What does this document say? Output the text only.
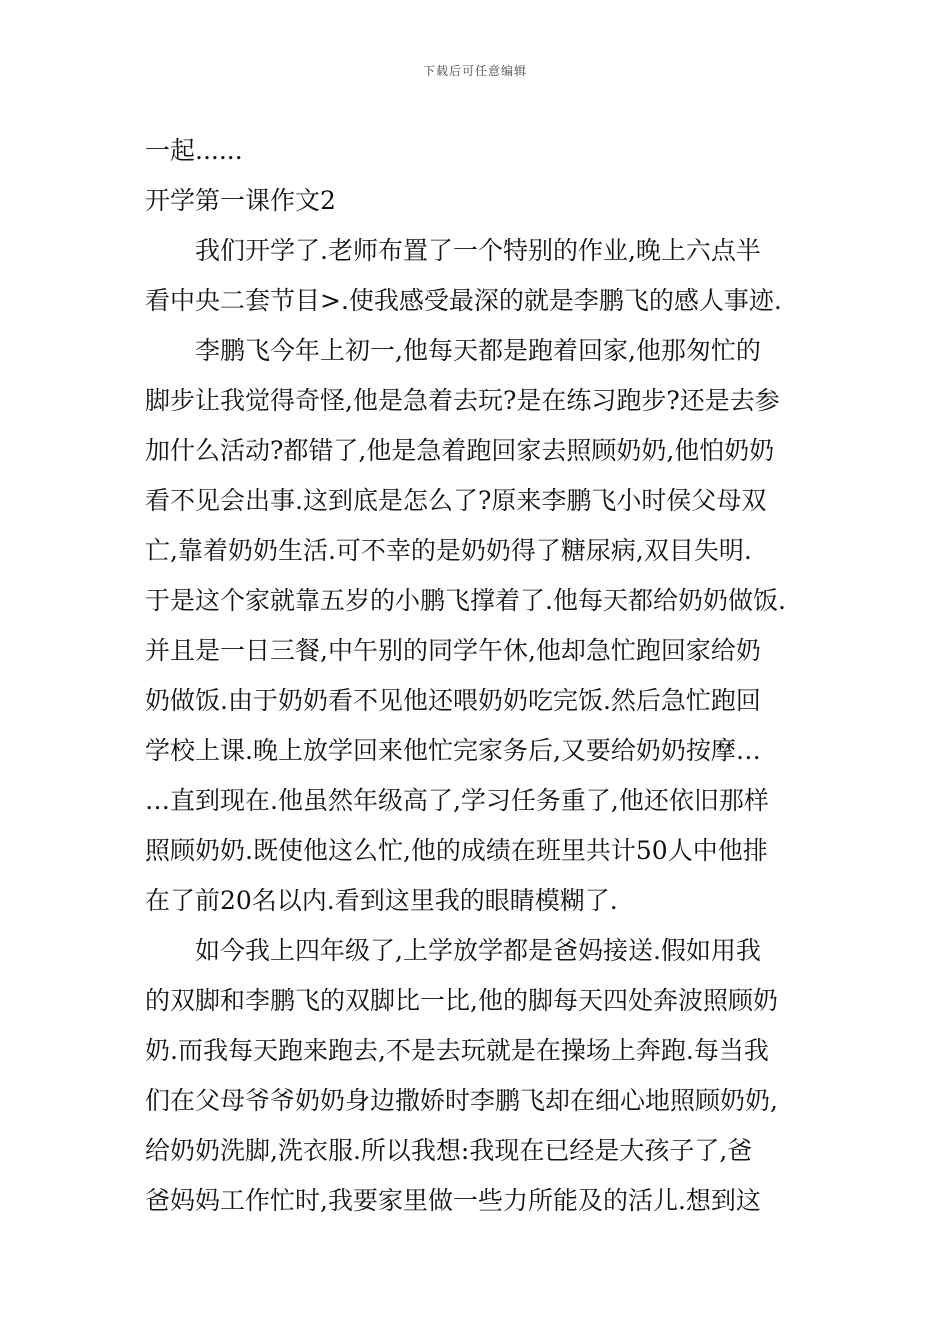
下载后可任意编辑
一起......
开学第一课作文2
我们开学了.老师布置了一个特别的作业,晚上六点半
看中央二套节目>.使我感受最深的就是李鹏飞的感人事迹.
李鹏飞今年上初一,他每天都是跑着回家,他那匆忙的
脚步让我觉得奇怪,他是急着去玩?是在练习跑步?还是去参
加什么活动?都错了,他是急着跑回家去照顾奶奶,他怕奶奶
看不见会出事.这到底是怎么了?原来李鹏飞小时侯父母双
亡,靠着奶奶生活.可不幸的是奶奶得了糖尿病,双目失明.
于是这个家就靠五岁的小鹏飞撑着了.他每天都给奶奶做饭.
并且是一日三餐,中午别的同学午休,他却急忙跑回家给奶
奶做饭.由于奶奶看不见他还喂奶奶吃完饭.然后急忙跑回
学校上课.晚上放学回来他忙完家务后,又要给奶奶按摩…
…直到现在.他虽然年级高了,学习任务重了,他还依旧那样
照顾奶奶.既使他这么忙,他的成绩在班里共计50人中他排
在了前20名以内.看到这里我的眼睛模糊了.
如今我上四年级了,上学放学都是爸妈接送.假如用我
的双脚和李鹏飞的双脚比一比,他的脚每天四处奔波照顾奶
奶.而我每天跑来跑去,不是去玩就是在操场上奔跑.每当我
们在父母爷爷奶奶身边撒娇时李鹏飞却在细心地照顾奶奶,
给奶奶洗脚,洗衣服.所以我想:我现在已经是大孩子了,爸
爸妈妈工作忙时,我要家里做一些力所能及的活儿.想到这
